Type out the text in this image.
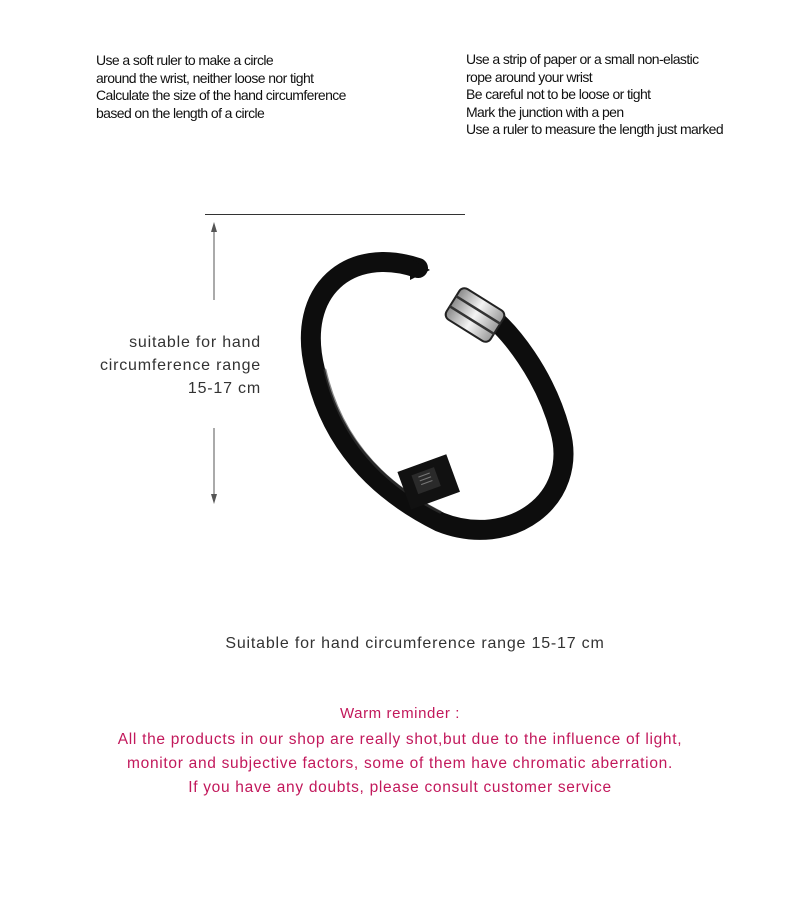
Use a soft ruler to make a circle
around the wrist, neither loose nor tight
Calculate the size of the hand circumference
based on the length of a circle
Use a strip of paper or a small non-elastic
rope around your wrist
Be careful not to be loose or tight
Mark the junction with a pen
Use a ruler to measure the length just marked
suitable for hand
circumference range
15-17 cm
Suitable for hand circumference range 15-17 cm
Warm reminder :
All the products in our shop are really shot,but due to the influence of light,
monitor and subjective factors, some of them have chromatic aberration.
If you have any doubts, please consult customer service
